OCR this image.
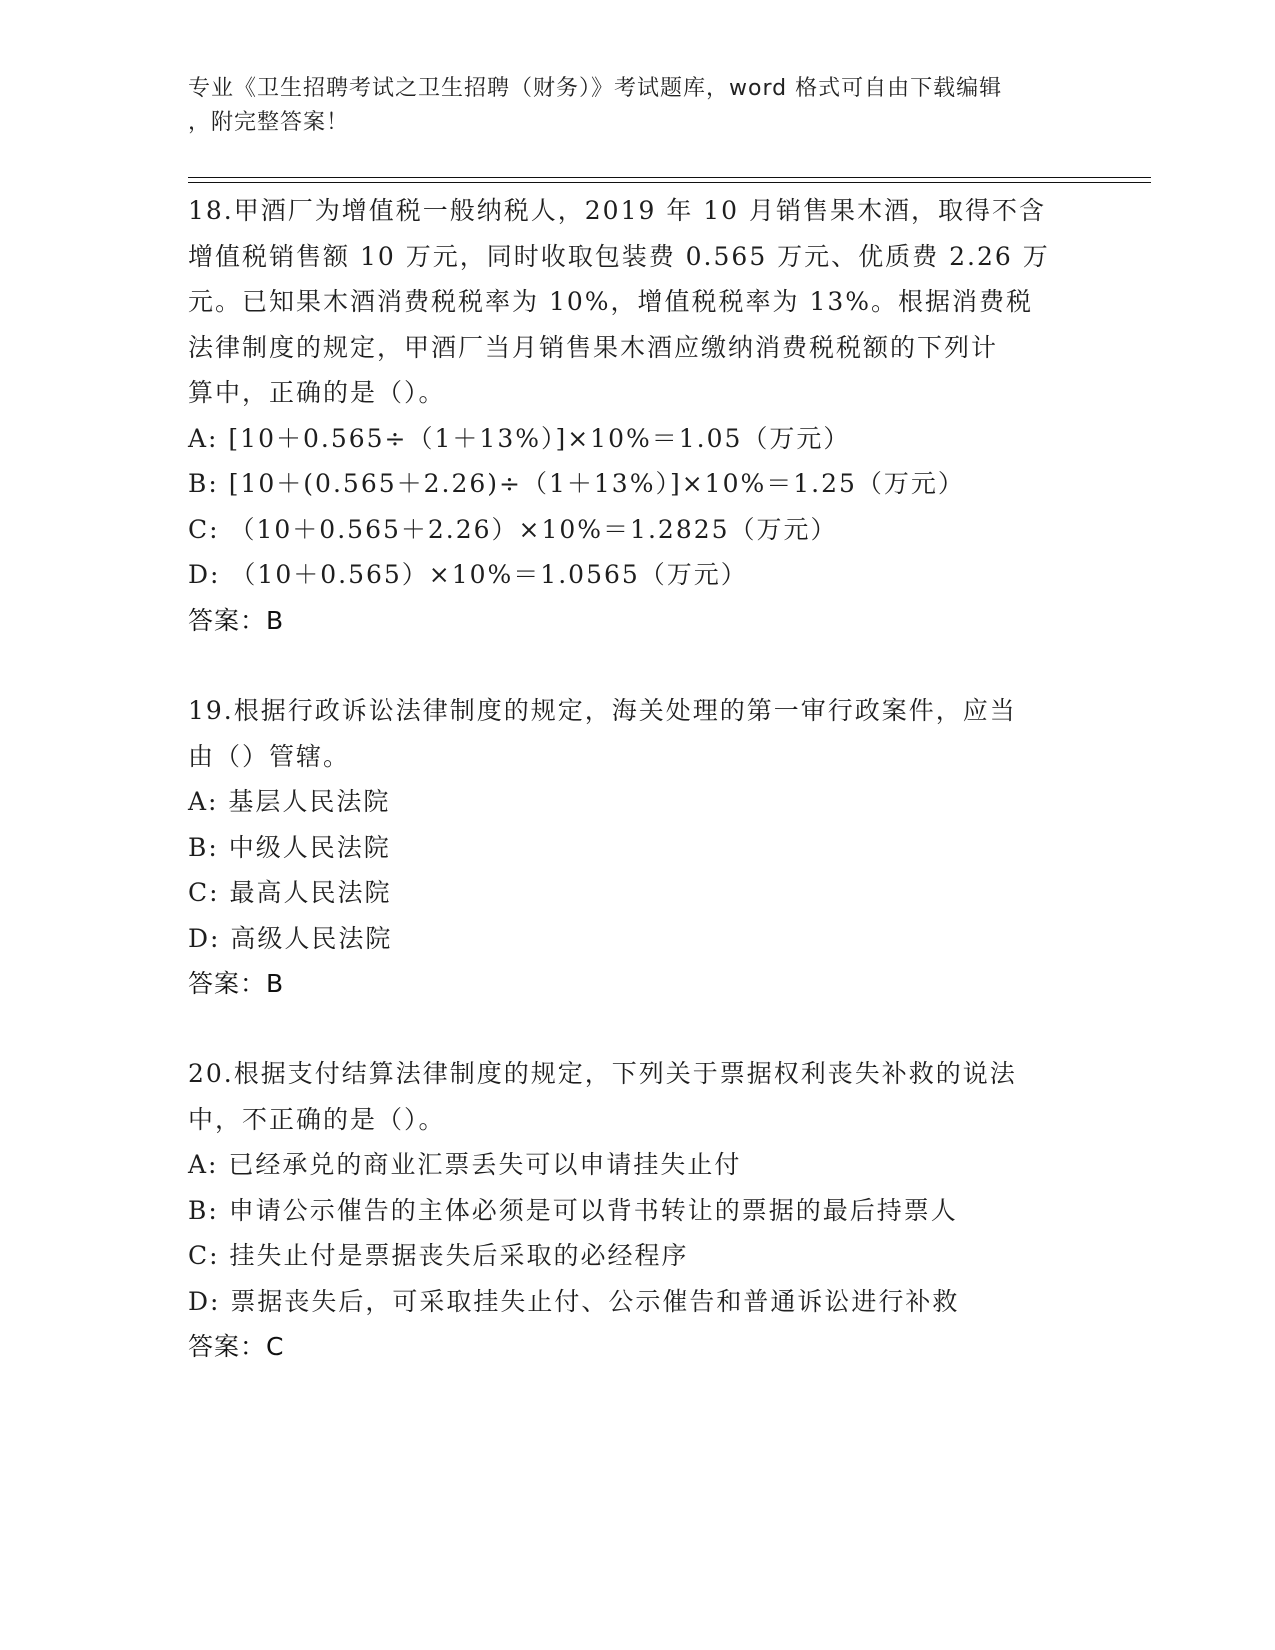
专业《卫生招聘考试之卫生招聘（财务）》考试题库，word 格式可自由下载编辑
，附完整答案！
18.甲酒厂为增值税一般纳税人，2019 年 10 月销售果木酒，取得不含
增值税销售额 10 万元，同时收取包装费 0.565 万元、优质费 2.26 万
元。已知果木酒消费税税率为 10%，增值税税率为 13%。根据消费税
法律制度的规定，甲酒厂当月销售果木酒应缴纳消费税税额的下列计
算中，正确的是（）。
A: [10＋0.565÷（1＋13%）]×10%＝1.05（万元）
B: [10＋(0.565＋2.26)÷（1＋13%）]×10%＝1.25（万元）
C: （10＋0.565＋2.26）×10%＝1.2825（万元）
D: （10＋0.565）×10%＝1.0565（万元）
答案：B
19.根据行政诉讼法律制度的规定，海关处理的第一审行政案件，应当
由（）管辖。
A: 基层人民法院
B: 中级人民法院
C: 最高人民法院
D: 高级人民法院
答案：B
20.根据支付结算法律制度的规定，下列关于票据权利丧失补救的说法
中，不正确的是（）。
A: 已经承兑的商业汇票丢失可以申请挂失止付
B: 申请公示催告的主体必须是可以背书转让的票据的最后持票人
C: 挂失止付是票据丧失后采取的必经程序
D: 票据丧失后，可采取挂失止付、公示催告和普通诉讼进行补救
答案：C
